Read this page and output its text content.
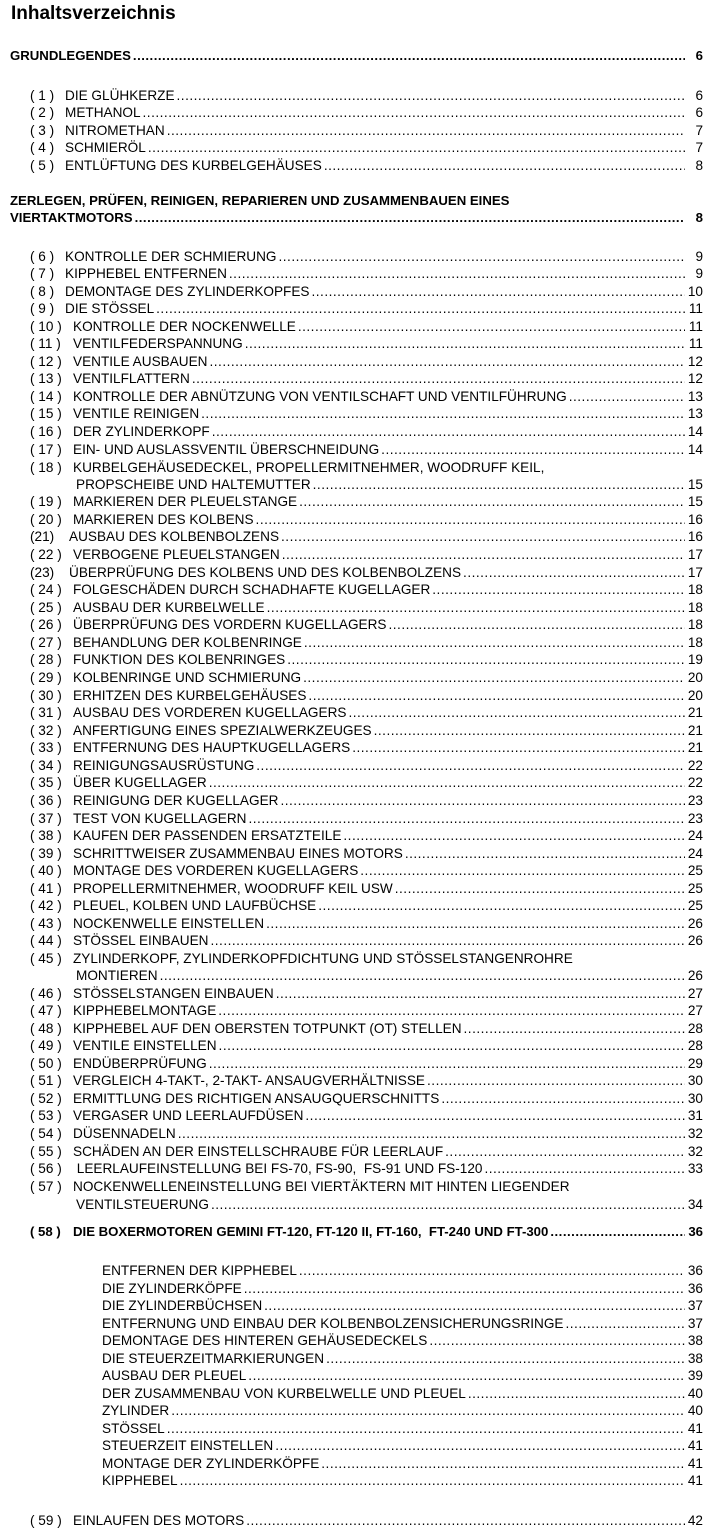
Inhaltsverzeichnis
GRUNDLEGENDES .....	6
( 1 ) DIE GLÜHKERZE .....	6
( 2 ) METHANOL .....	6
( 3 ) NITROMETHAN .....	7
( 4 ) SCHMIERÖL .....	7
( 5 ) ENTLÜFTUNG DES KURBELGEHÄUSES .....	8
ZERLEGEN, PRÜFEN, REINIGEN, REPARIEREN UND ZUSAMMENBAUEN EINES
VIERTAKTMOTORS .....	8
( 6 ) KONTROLLE DER SCHMIERUNG .....	9
( 7 ) KIPPHEBEL ENTFERNEN .....	9
( 8 ) DEMONTAGE DES ZYLINDERKOPFES .....	10
( 9 ) DIE STÖSSEL .....	11
( 10 ) KONTROLLE DER NOCKENWELLE .....	11
( 11 ) VENTILFEDERSPANNUNG .....	11
( 12 ) VENTILE AUSBAUEN .....	12
( 13 ) VENTILFLATTERN .....	12
( 14 ) KONTROLLE DER ABNÜTZUNG VON VENTILSCHAFT UND VENTILFÜHRUNG .....	13
( 15 ) VENTILE REINIGEN .....	13
( 16 ) DER ZYLINDERKOPF .....	14
( 17 ) EIN- UND AUSLASSVENTIL ÜBERSCHNEIDUNG .....	14
( 18 ) KURBELGEHÄUSEDECKEL, PROPELLERMITNEHMER, WOODRUFF KEIL,
PROPSCHEIBE UND HALTEMUTTER .....	15
( 19 ) MARKIEREN DER PLEUELSTANGE .....	15
( 20 ) MARKIEREN DES KOLBENS .....	16
(21) AUSBAU DES KOLBENBOLZENS .....	16
( 22 ) VERBOGENE PLEUELSTANGEN .....	17
(23) ÜBERPRÜFUNG DES KOLBENS UND DES KOLBENBOLZENS .....	17
( 24 ) FOLGESCHÄDEN DURCH SCHADHAFTE KUGELLAGER .....	18
( 25 ) AUSBAU DER KURBELWELLE .....	18
( 26 ) ÜBERPRÜFUNG DES VORDERN KUGELLAGERS .....	18
( 27 ) BEHANDLUNG DER KOLBENRINGE .....	18
( 28 ) FUNKTION DES KOLBENRINGES .....	19
( 29 ) KOLBENRINGE UND SCHMIERUNG .....	20
( 30 ) ERHITZEN DES KURBELGEHÄUSES .....	20
( 31 ) AUSBAU DES VORDEREN KUGELLAGERS .....	21
( 32 ) ANFERTIGUNG EINES SPEZIALWERKZEUGES .....	21
( 33 ) ENTFERNUNG DES HAUPTKUGELLAGERS .....	21
( 34 ) REINIGUNGSAUSRÜSTUNG .....	22
( 35 ) ÜBER KUGELLAGER .....	22
( 36 ) REINIGUNG DER KUGELLAGER .....	23
( 37 ) TEST VON KUGELLAGERN .....	23
( 38 ) KAUFEN DER PASSENDEN ERSATZTEILE .....	24
( 39 ) SCHRITTWEISER ZUSAMMENBAU EINES MOTORS .....	24
( 40 ) MONTAGE DES VORDEREN KUGELLAGERS .....	25
( 41 ) PROPELLERMITNEHMER, WOODRUFF KEIL USW .....	25
( 42 ) PLEUEL, KOLBEN UND LAUFBÜCHSE .....	25
( 43 ) NOCKENWELLE EINSTELLEN .....	26
( 44 ) STÖSSEL EINBAUEN .....	26
( 45 ) ZYLINDERKOPF, ZYLINDERKOPFDICHTUNG UND STÖSSELSTANGENROHRE
MONTIEREN .....	26
( 46 ) STÖSSELSTANGEN EINBAUEN .....	27
( 47 ) KIPPHEBELMONTAGE .....	27
( 48 ) KIPPHEBEL AUF DEN OBERSTEN TOTPUNKT (OT) STELLEN .....	28
( 49 ) VENTILE EINSTELLEN .....	28
( 50 ) ENDÜBERPRÜFUNG .....	29
( 51 ) VERGLEICH 4-TAKT-, 2-TAKT- ANSAUGVERHÄLTNISSE .....	30
( 52 ) ERMITTLUNG DES RICHTIGEN ANSAUGQUERSCHNITTS .....	30
( 53 ) VERGASER UND LEERLAUFDÜSEN .....	31
( 54 ) DÜSENNADELN .....	32
( 55 ) SCHÄDEN AN DER EINSTELLSCHRAUBE FÜR LEERLAUF .....	32
( 56 ) LEERLAUFEINSTELLUNG BEI FS-70, FS-90,  FS-91 UND FS-120 .....	33
( 57 ) NOCKENWELLENEINSTELLUNG BEI VIERTÄKTERN MIT HINTEN LIEGENDER
VENTILSTEUERUNG .....	34
( 58 ) DIE BOXERMOTOREN GEMINI FT-120, FT-120 II, FT-160,  FT-240 UND FT-300 .....	36
ENTFERNEN DER KIPPHEBEL .....	36
DIE ZYLINDERKÖPFE .....	36
DIE ZYLINDERBÜCHSEN .....	37
ENTFERNUNG UND EINBAU DER KOLBENBOLZENSICHERUNGSRINGE .....	37
DEMONTAGE DES HINTEREN GEHÄUSEDECKELS .....	38
DIE STEUERZEITMARKIERUNGEN .....	38
AUSBAU DER PLEUEL .....	39
DER ZUSAMMENBAU VON KURBELWELLE UND PLEUEL .....	40
ZYLINDER .....	40
STÖSSEL .....	41
STEUERZEIT EINSTELLEN .....	41
MONTAGE DER ZYLINDERKÖPFE .....	41
KIPPHEBEL .....	41
( 59 ) EINLAUFEN DES MOTORS .....	42
